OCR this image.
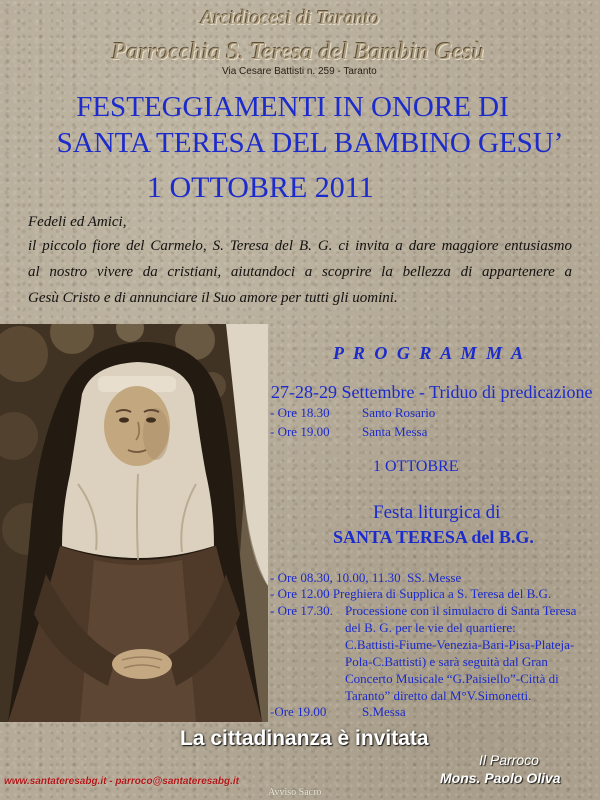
Arcidiocesi di Taranto
Parrocchia S. Teresa del Bambin Gesù
Via Cesare Battisti n. 259 - Taranto
FESTEGGIAMENTI IN ONORE DI
SANTA TERESA DEL BAMBINO GESU’
1 OTTOBRE 2011
Fedeli ed Amici,
il piccolo fiore del Carmelo, S. Teresa del B. G. ci invita a dare maggiore entusiasmo
al nostro vivere da cristiani, aiutandoci a scoprire la bellezza di appartenere a
Gesù Cristo e di annunciare il Suo amore per tutti gli uomini.
P R O G R A M M A
27-28-29 Settembre - Triduo di predicazione
- Ore 18.30 Santo Rosario
- Ore 19.00 Santa Messa
1 OTTOBRE
Festa liturgica di
SANTA TERESA del B.G.
- Ore 08.30, 10.00, 11.30  SS. Messe
- Ore 12.00 Preghiera di Supplica a S. Teresa del B.G.
- Ore 17.30. Processione con il simulacro di Santa Teresa
del B. G. per le vie del quartiere:
C.Battisti-Fiume-Venezia-Bari-Pisa-Plateja-
Pola-C.Battisti) e sarà seguità dal Gran
Concerto Musicale “G.Paisiello”-Città di
Taranto” diretto dal M°V.Simonetti.
-Ore 19.00	S.Messa
La cittadinanza è invitata
Il Parroco
Mons. Paolo Oliva
www.santateresabg.it - parroco@santateresabg.it
Avviso Sacro
